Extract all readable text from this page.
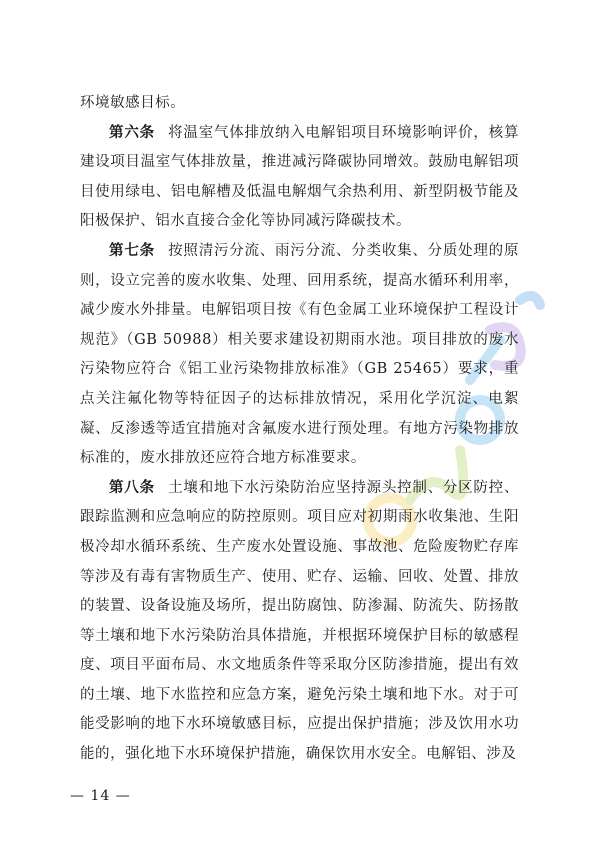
环境敏感目标。

第六条 将温室气体排放纳入电解铝项目环境影响评价，核算建设项目温室气体排放量，推进减污降碳协同增效。鼓励电解铝项目使用绿电、铝电解槽及低温电解烟气余热利用、新型阴极节能及阳极保护、铝水直接合金化等协同减污降碳技术。

第七条 按照清污分流、雨污分流、分类收集、分质处理的原则，设立完善的废水收集、处理、回用系统，提高水循环利用率，减少废水外排量。电解铝项目按《有色金属工业环境保护工程设计规范》（GB 50988）相关要求建设初期雨水池。项目排放的废水污染物应符合《铝工业污染物排放标准》（GB 25465）要求，重点关注氟化物等特征因子的达标排放情况，采用化学沉淀、电絮凝、反渗透等适宜措施对含氟废水进行预处理。有地方污染物排放标准的，废水排放还应符合地方标准要求。

第八条 土壤和地下水污染防治应坚持源头控制、分区防控、跟踪监测和应急响应的防控原则。项目应对初期雨水收集池、生阳极冷却水循环系统、生产废水处置设施、事故池、危险废物贮存库等涉及有毒有害物质生产、使用、贮存、运输、回收、处置、排放的装置、设备设施及场所，提出防腐蚀、防渗漏、防流失、防扬散等土壤和地下水污染防治具体措施，并根据环境保护目标的敏感程度、项目平面布局、水文地质条件等采取分区防渗措施，提出有效的土壤、地下水监控和应急方案，避免污染土壤和地下水。对于可能受影响的地下水环境敏感目标，应提出保护措施；涉及饮用水功能的，强化地下水环境保护措施，确保饮用水安全。电解铝、涉及

— 14 —
